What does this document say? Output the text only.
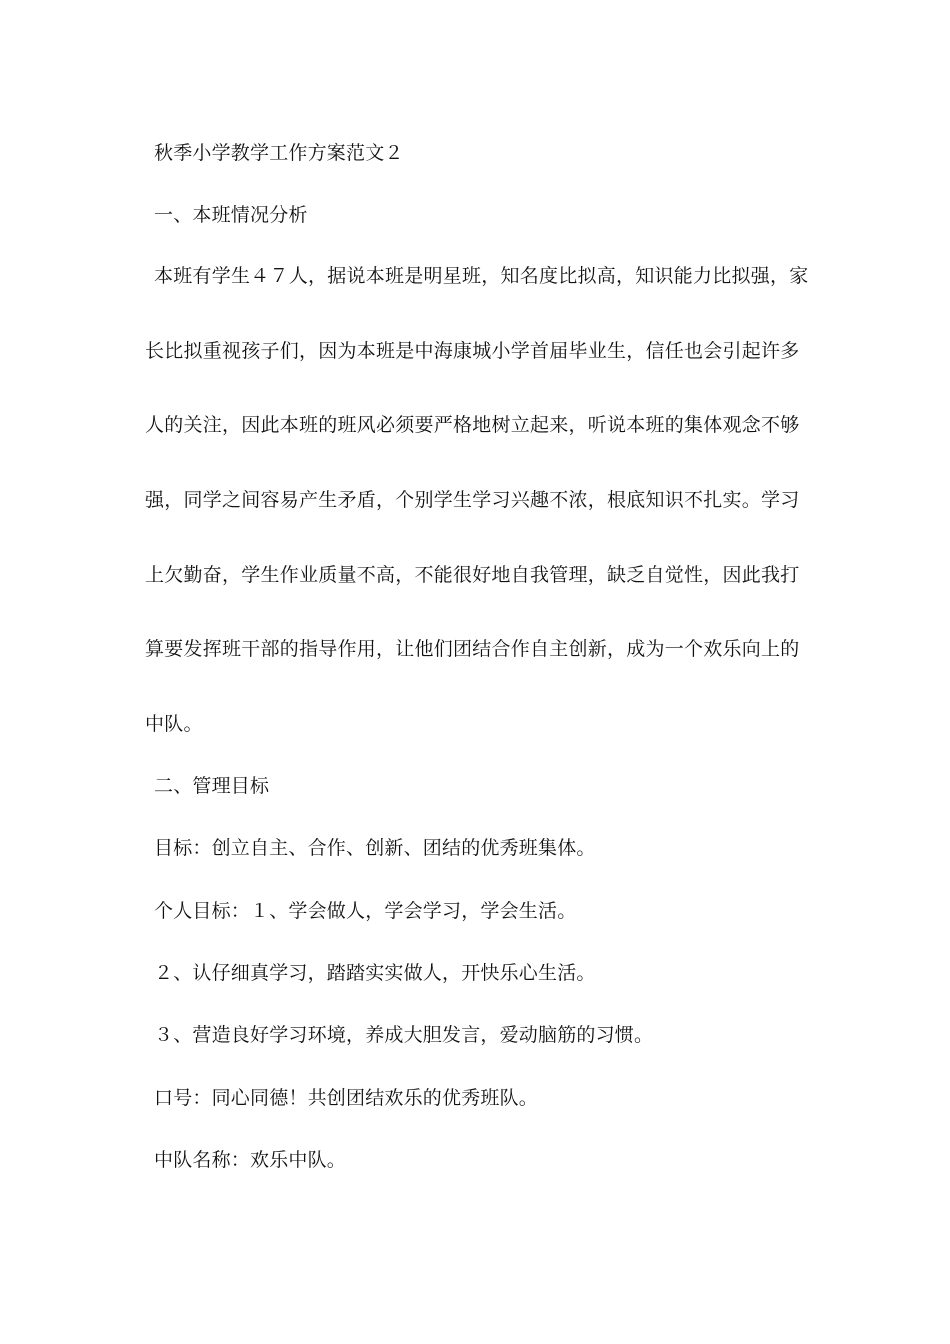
秋季小学教学工作方案范文２
一、本班情况分析
本班有学生４７人，据说本班是明星班，知名度比拟高，知识能力比拟强，家
长比拟重视孩子们，因为本班是中海康城小学首届毕业生，信任也会引起许多
人的关注，因此本班的班风必须要严格地树立起来，听说本班的集体观念不够
强，同学之间容易产生矛盾，个别学生学习兴趣不浓，根底知识不扎实。学习
上欠勤奋，学生作业质量不高，不能很好地自我管理，缺乏自觉性，因此我打
算要发挥班干部的指导作用，让他们团结合作自主创新，成为一个欢乐向上的
中队。
二、管理目标
目标：创立自主、合作、创新、团结的优秀班集体。
个人目标：１、学会做人，学会学习，学会生活。
２、认仔细真学习，踏踏实实做人，开快乐心生活。
３、营造良好学习环境，养成大胆发言，爱动脑筋的习惯。
口号：同心同德！共创团结欢乐的优秀班队。
中队名称：欢乐中队。
